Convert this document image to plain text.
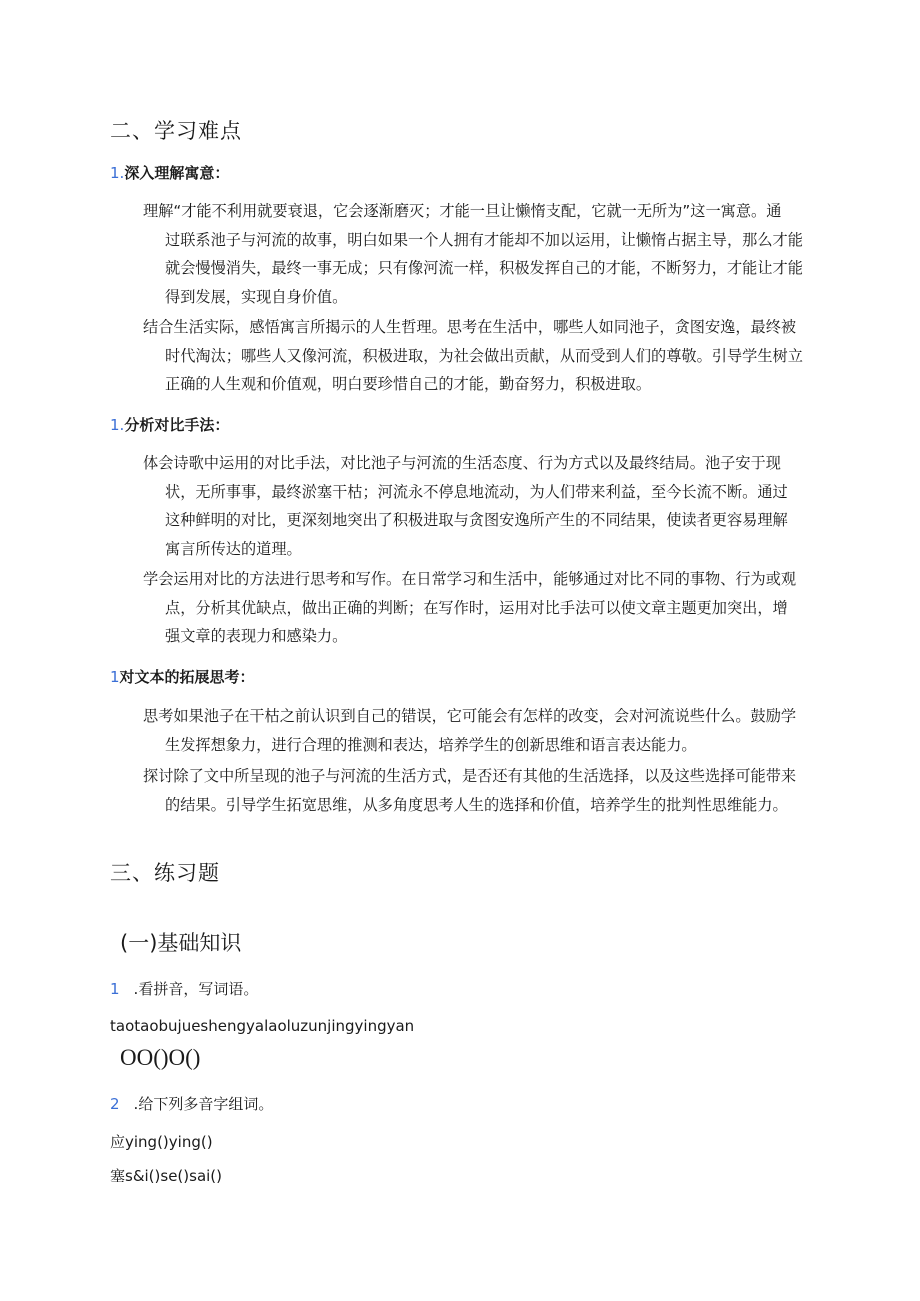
二、学习难点
1.深入理解寓意：
理解“才能不利用就要衰退，它会逐渐磨灭；才能一旦让懒惰支配，它就一无所为”这一寓意。通
过联系池子与河流的故事，明白如果一个人拥有才能却不加以运用，让懒惰占据主导，那么才能
就会慢慢消失，最终一事无成；只有像河流一样，积极发挥自己的才能，不断努力，才能让才能
得到发展，实现自身价值。
结合生活实际，感悟寓言所揭示的人生哲理。思考在生活中，哪些人如同池子，贪图安逸，最终被
时代淘汰；哪些人又像河流，积极进取，为社会做出贡献，从而受到人们的尊敬。引导学生树立
正确的人生观和价值观，明白要珍惜自己的才能，勤奋努力，积极进取。
1.分析对比手法：
体会诗歌中运用的对比手法，对比池子与河流的生活态度、行为方式以及最终结局。池子安于现
状，无所事事，最终淤塞干枯；河流永不停息地流动，为人们带来利益，至今长流不断。通过
这种鲜明的对比，更深刻地突出了积极进取与贪图安逸所产生的不同结果，使读者更容易理解
寓言所传达的道理。
学会运用对比的方法进行思考和写作。在日常学习和生活中，能够通过对比不同的事物、行为或观
点，分析其优缺点，做出正确的判断；在写作时，运用对比手法可以使文章主题更加突出，增
强文章的表现力和感染力。
1对文本的拓展思考：
思考如果池子在干枯之前认识到自己的错误，它可能会有怎样的改变，会对河流说些什么。鼓励学
生发挥想象力，进行合理的推测和表达，培养学生的创新思维和语言表达能力。
探讨除了文中所呈现的池子与河流的生活方式，是否还有其他的生活选择，以及这些选择可能带来
的结果。引导学生拓宽思维，从多角度思考人生的选择和价值，培养学生的批判性思维能力。
三、练习题
(一)基础知识
1 .看拼音，写词语。
taotaobujueshengyalaoluzunjingyingyan
OO()O()
2 .给下列多音字组词。
应ying()ying()
塞s&i()se()sai()
